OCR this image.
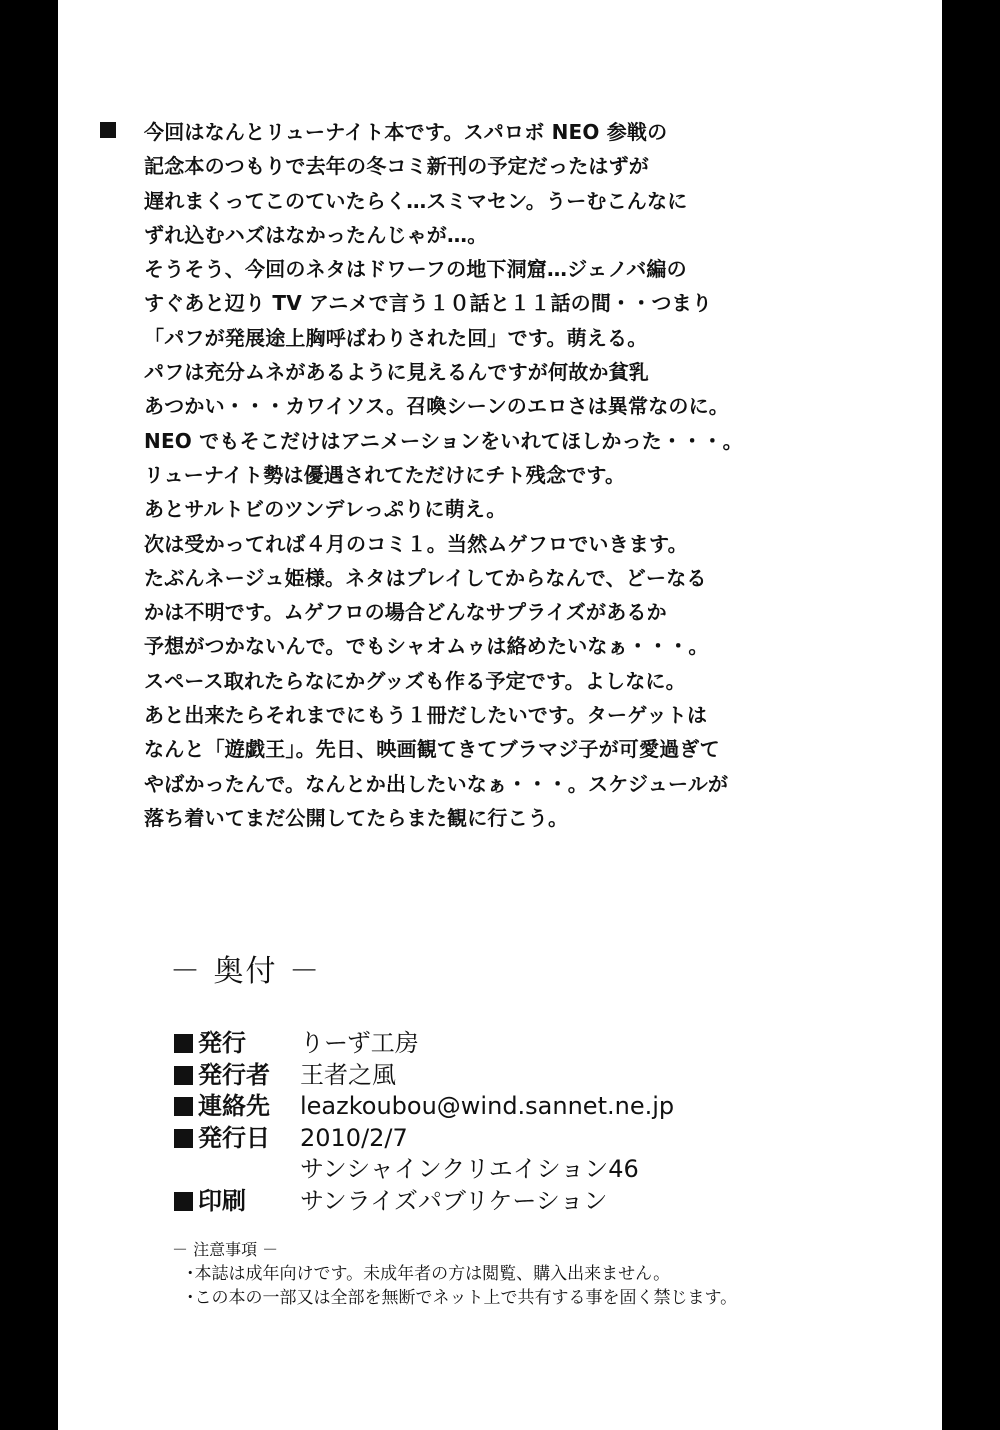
今回はなんとリューナイト本です。スパロボ NEO 参戦の
記念本のつもりで去年の冬コミ新刊の予定だったはずが
遅れまくってこのていたらく…スミマセン。うーむこんなに
ずれ込むハズはなかったんじゃが…。
そうそう、今回のネタはドワーフの地下洞窟…ジェノバ編の
すぐあと辺り TV アニメで言う１０話と１１話の間・・つまり
「パフが発展途上胸呼ばわりされた回」です。萌える。
パフは充分ムネがあるように見えるんですが何故か貧乳
あつかい・・・カワイソス。召喚シーンのエロさは異常なのに。
NEO でもそこだけはアニメーションをいれてほしかった・・・。
リューナイト勢は優遇されてただけにチト残念です。
あとサルトビのツンデレっぷりに萌え。
次は受かってれば４月のコミ１。当然ムゲフロでいきます。
たぶんネージュ姫様。ネタはプレイしてからなんで、どーなる
かは不明です。ムゲフロの場合どんなサプライズがあるか
予想がつかないんで。でもシャオムゥは絡めたいなぁ・・・。
スペース取れたらなにかグッズも作る予定です。よしなに。
あと出来たらそれまでにもう１冊だしたいです。ターゲットは
なんと「遊戯王」。先日、映画観てきてブラマジ子が可愛過ぎて
やばかったんで。なんとか出したいなぁ・・・。スケジュールが
落ち着いてまだ公開してたらまた観に行こう。
－ 奥付 －
発行 りーず工房
発行者 王者之風
連絡先 leazkoubou@wind.sannet.ne.jp
発行日 2010/2/7
サンシャインクリエイション46
印刷 サンライズパブリケーション
－ 注意事項 －
･本誌は成年向けです。未成年者の方は閲覧、購入出来ません。
･この本の一部又は全部を無断でネット上で共有する事を固く禁じます。
